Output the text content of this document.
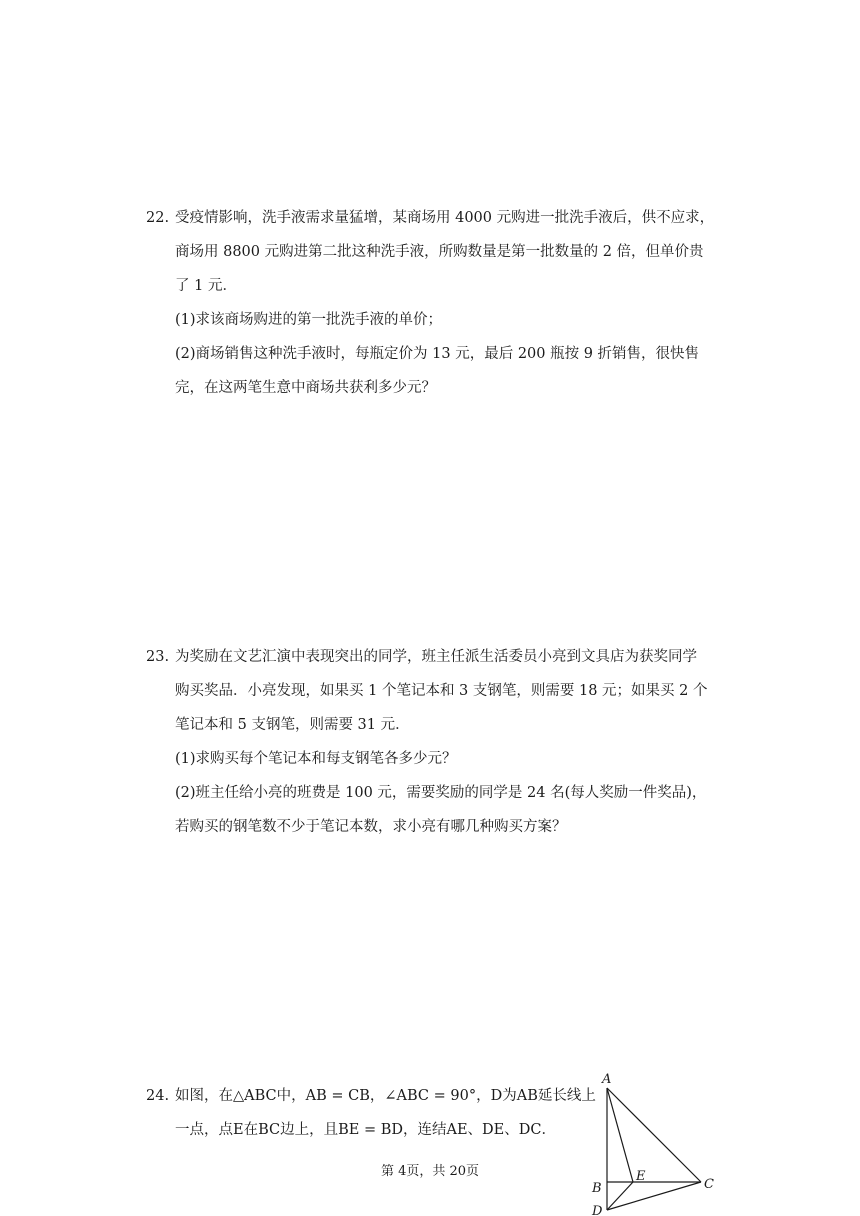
22. 受疫情影响，洗手液需求量猛增，某商场用 4000 元购进一批洗手液后，供不应求，
商场用 8800 元购进第二批这种洗手液，所购数量是第一批数量的 2 倍，但单价贵
了 1 元．
(1)求该商场购进的第一批洗手液的单价；
(2)商场销售这种洗手液时，每瓶定价为 13 元，最后 200 瓶按 9 折销售，很快售
完，在这两笔生意中商场共获利多少元？
23. 为奖励在文艺汇演中表现突出的同学，班主任派生活委员小亮到文具店为获奖同学
购买奖品．小亮发现，如果买 1 个笔记本和 3 支钢笔，则需要 18 元；如果买 2 个
笔记本和 5 支钢笔，则需要 31 元．
(1)求购买每个笔记本和每支钢笔各多少元？
(2)班主任给小亮的班费是 100 元，需要奖励的同学是 24 名(每人奖励一件奖品)，
若购买的钢笔数不少于笔记本数，求小亮有哪几种购买方案？
24. 如图，在△ABC中，AB = CB，∠ABC = 90°，D为AB延长线上
一点，点E在BC边上，且BE = BD，连结AE、DE、DC．
A
B
E
C
D
第 4页，共 20页
